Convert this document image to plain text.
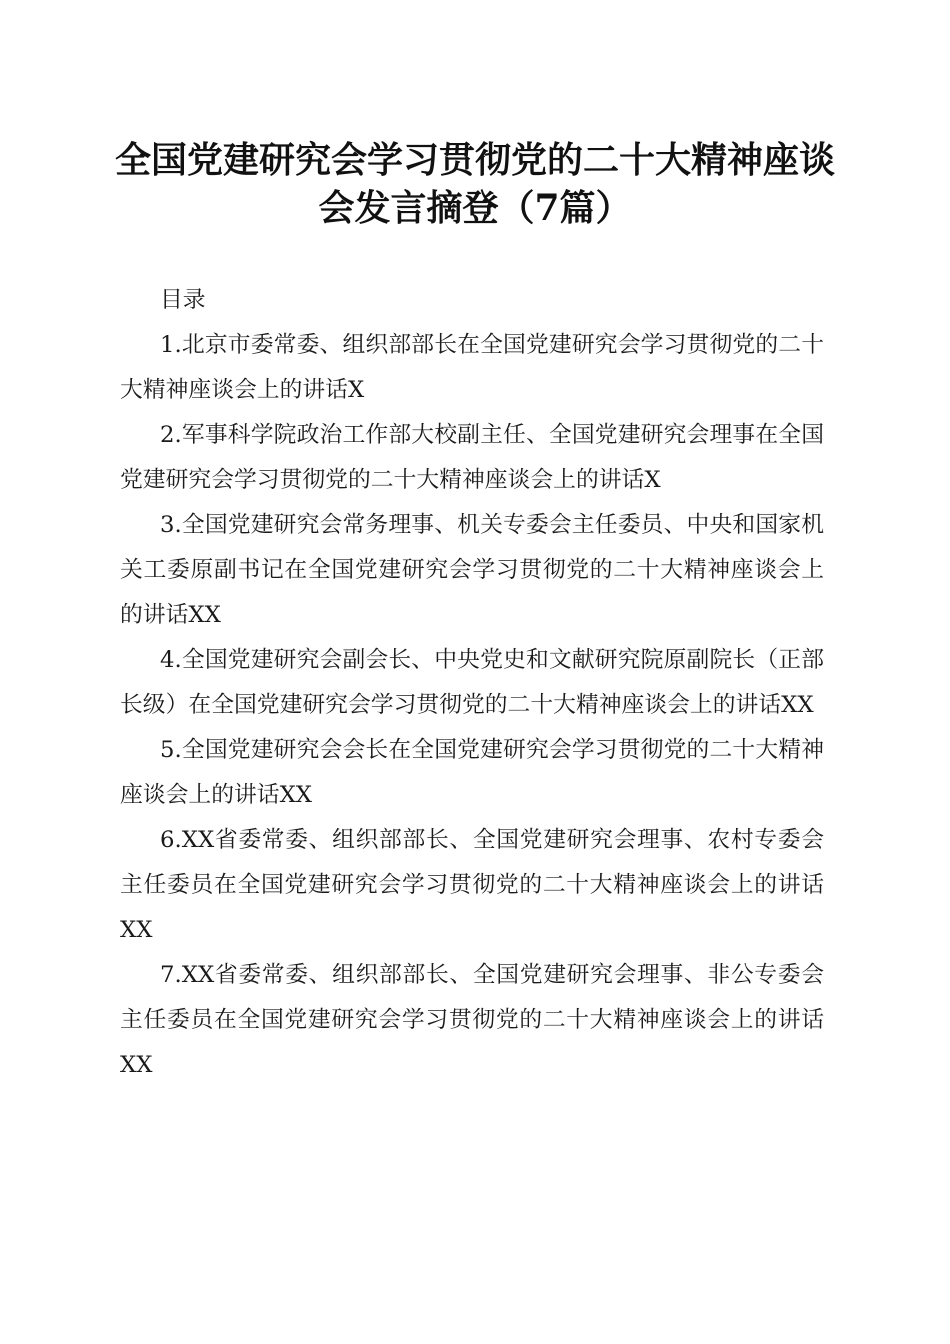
全国党建研究会学习贯彻党的二十大精神座谈会发言摘登（7篇）

目录

1.北京市委常委、组织部部长在全国党建研究会学习贯彻党的二十大精神座谈会上的讲话X

2.军事科学院政治工作部大校副主任、全国党建研究会理事在全国党建研究会学习贯彻党的二十大精神座谈会上的讲话X

3.全国党建研究会常务理事、机关专委会主任委员、中央和国家机关工委原副书记在全国党建研究会学习贯彻党的二十大精神座谈会上的讲话XX

4.全国党建研究会副会长、中央党史和文献研究院原副院长（正部长级）在全国党建研究会学习贯彻党的二十大精神座谈会上的讲话XX

5.全国党建研究会会长在全国党建研究会学习贯彻党的二十大精神座谈会上的讲话XX

6.XX省委常委、组织部部长、全国党建研究会理事、农村专委会主任委员在全国党建研究会学习贯彻党的二十大精神座谈会上的讲话XX

7.XX省委常委、组织部部长、全国党建研究会理事、非公专委会主任委员在全国党建研究会学习贯彻党的二十大精神座谈会上的讲话XX
